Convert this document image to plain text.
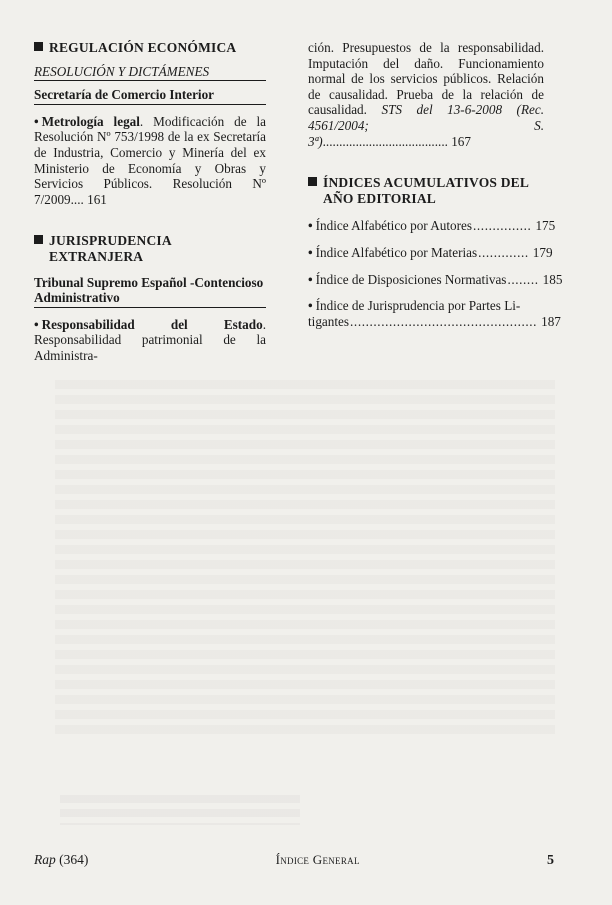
REGULACIÓN ECONÓMICA
RESOLUCIÓN Y DICTÁMENES
Secretaría de Comercio Interior
• Metrología legal. Modificación de la Resolución Nº 753/1998 de la ex Secretaría de Industria, Comercio y Minería del ex Ministerio de Economía y Obras y Servicios Públicos. Resolución Nº 7/2009.... 161
JURISPRUDENCIA EXTRANJERA
Tribunal Supremo Español -Contencioso Administrativo
• Responsabilidad del Estado. Responsabilidad patrimonial de la Administra-
ción. Presupuestos de la responsabilidad. Imputación del daño. Funcionamiento normal de los servicios públicos. Relación de causalidad. Prueba de la relación de causalidad. STS del 13-6-2008 (Rec. 4561/2004; S. 3ª)...................................... 167
ÍNDICES ACUMULATIVOS DEL AÑO EDITORIAL
• Índice Alfabético por Autores ............... 175
• Índice Alfabético por Materias ............. 179
• Índice de Disposiciones Normativas ........ 185
• Índice de Jurisprudencia por Partes Li-
tigantes ................................................ 187
Rap (364)	Índice General	5
